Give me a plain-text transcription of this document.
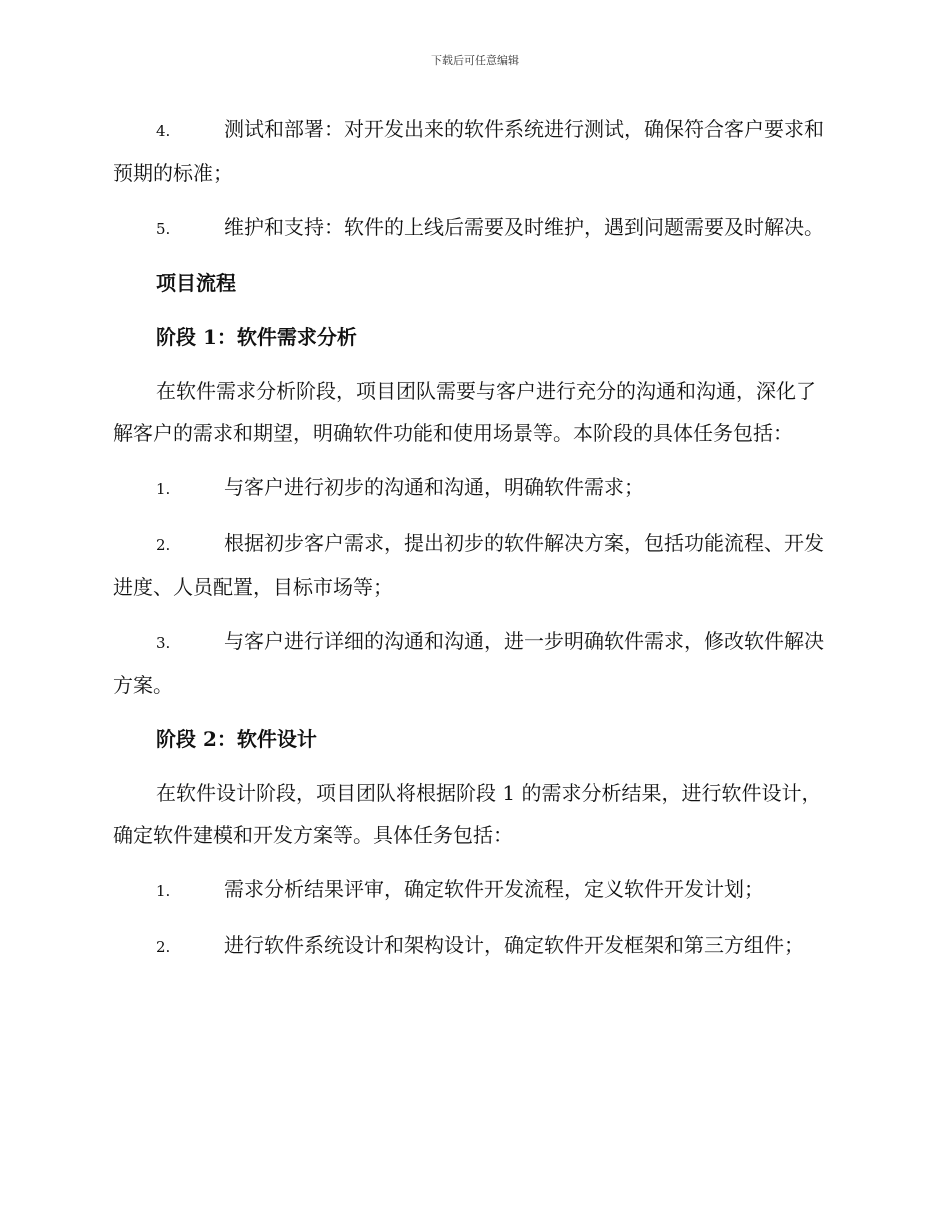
下载后可任意编辑
4.	测试和部署：对开发出来的软件系统进行测试，确保符合客户要求和预期的标准；
5.	维护和支持：软件的上线后需要及时维护，遇到问题需要及时解决。
项目流程
阶段 1：软件需求分析
在软件需求分析阶段，项目团队需要与客户进行充分的沟通和沟通，深化了解客户的需求和期望，明确软件功能和使用场景等。本阶段的具体任务包括：
1.	与客户进行初步的沟通和沟通，明确软件需求；
2.	根据初步客户需求，提出初步的软件解决方案，包括功能流程、开发进度、人员配置，目标市场等；
3.	与客户进行详细的沟通和沟通，进一步明确软件需求，修改软件解决方案。
阶段 2：软件设计
在软件设计阶段，项目团队将根据阶段 1 的需求分析结果，进行软件设计，确定软件建模和开发方案等。具体任务包括：
1.	需求分析结果评审，确定软件开发流程，定义软件开发计划；
2.	进行软件系统设计和架构设计，确定软件开发框架和第三方组件；
